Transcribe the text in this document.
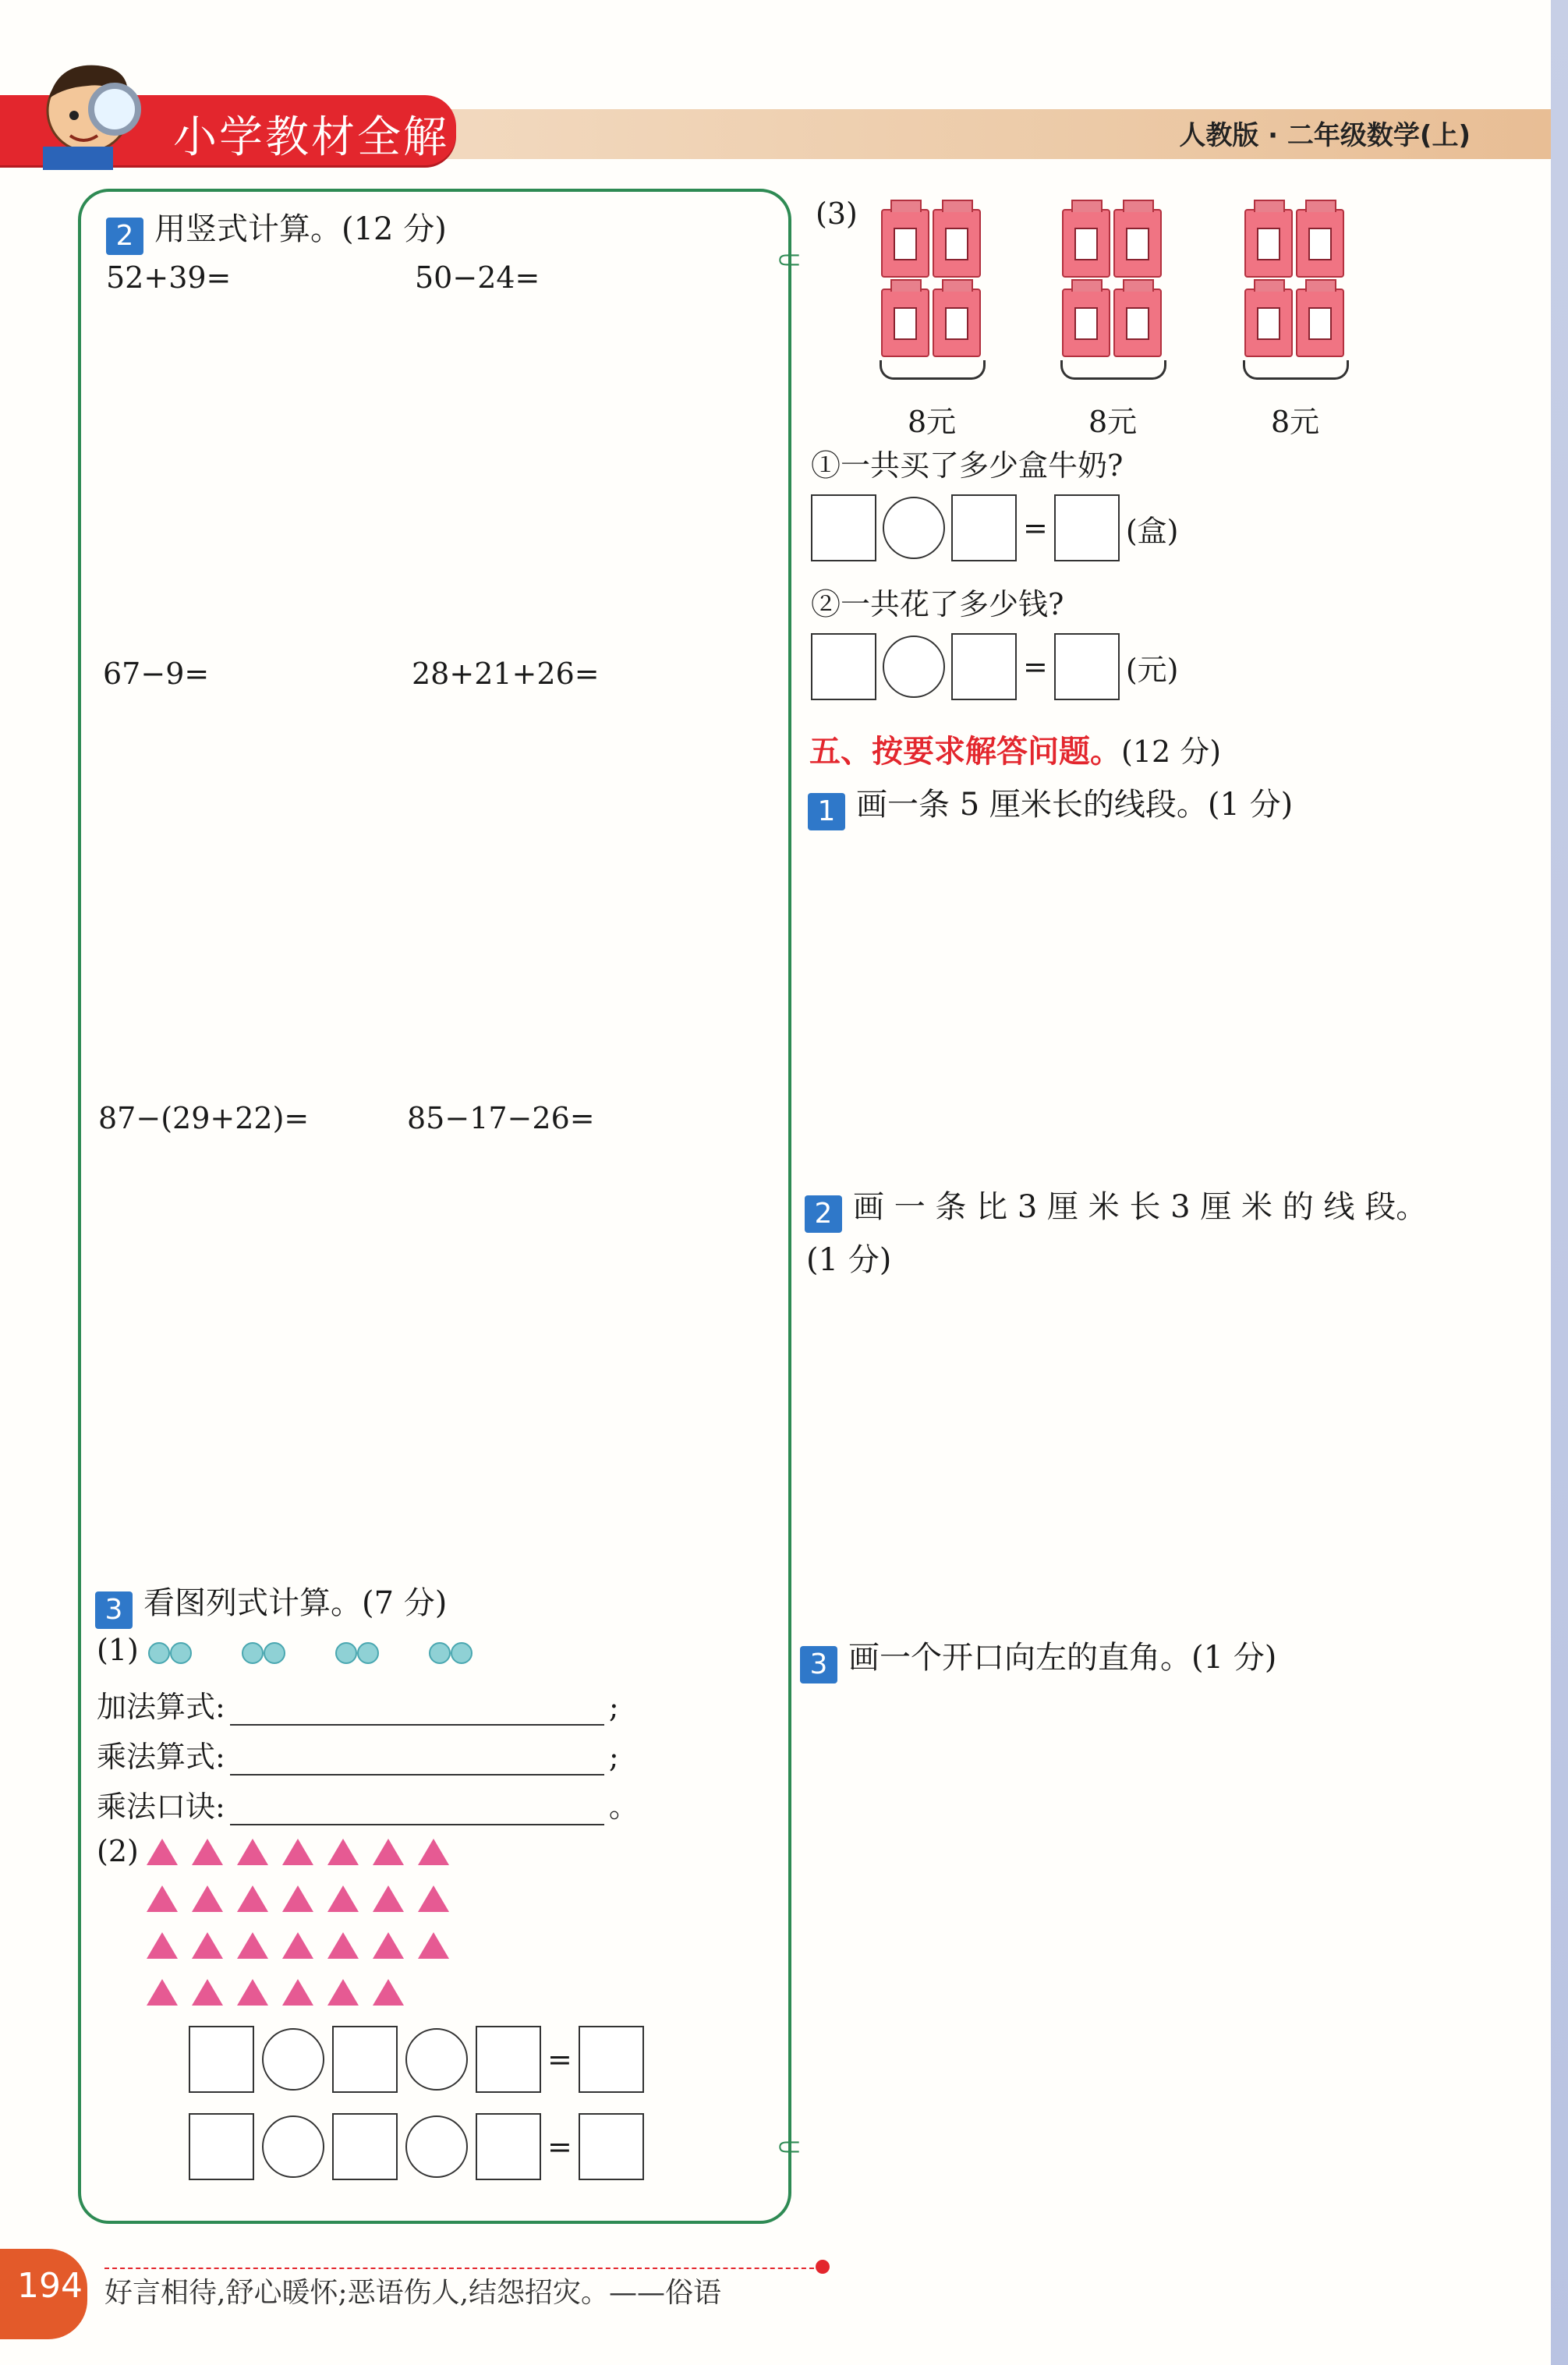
小学教材全解	人教版 · 二年级数学(上)
⸦
⸦
2 用竖式计算。(12 分)
52+39=	50−24=
67−9=	28+21+26=
87−(29+22)=	85−17−26=
3 看图列式计算。(7 分)
(1)
加法算式:	;
乘法算式:	;
乘法口诀:	。
(2)
=
=
(3)
8元	8元	8元
①一共买了多少盒牛奶?
=	(盒)
②一共花了多少钱?
=	(元)
五、按要求解答问题。(12 分)
1 画一条 5 厘米长的线段。(1 分)
2 画 一 条 比 3 厘 米 长 3 厘 米 的 线 段。
(1 分)
3 画一个开口向左的直角。(1 分)
194 好言相待,舒心暖怀;恶语伤人,结怨招灾。——俗语
